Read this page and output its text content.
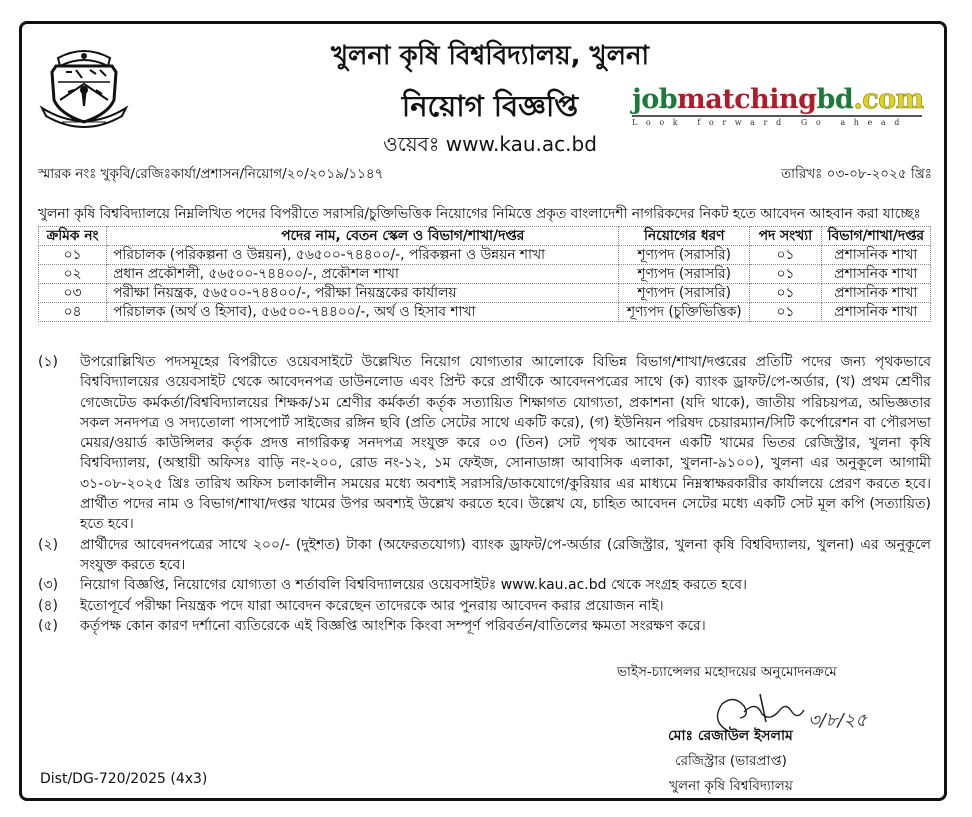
খুলনা কৃষি বিশ্ববিদ্যালয়, খুলনা
নিয়োগ বিজ্ঞপ্তি
ওয়েবঃ www.kau.ac.bd
jobmatchingbd.com
Look forward Go ahead
স্মারক নংঃ খুকৃবি/রেজিঃকার্যা/প্রশাসন/নিয়োগ/২০/২০১৯/১১৪৭	তারিখঃ ০৩-০৮-২০২৫ খ্রিঃ
খুলনা কৃষি বিশ্ববিদ্যালয়ে নিম্নলিখিত পদের বিপরীতে সরাসরি/চুক্তিভিত্তিক নিয়োগের নিমিত্তে প্রকৃত বাংলাদেশী নাগরিকদের নিকট হতে আবেদন আহবান করা যাচ্ছেঃ
ক্রমিক নং	পদের নাম, বেতন স্কেল ও বিভাগ/শাখা/দপ্তর	নিয়োগের ধরণ	পদ সংখ্যা	বিভাগ/শাখা/দপ্তর
০১	পরিচালক (পরিকল্পনা ও উন্নয়ন), ৫৬৫০০-৭৪৪০০/-, পরিকল্পনা ও উন্নয়ন শাখা	শূণ্যপদ (সরাসরি)	০১	প্রশাসনিক শাখা
০২	প্রধান প্রকৌশলী, ৫৬৫০০-৭৪৪০০/-, প্রকৌশল শাখা	শূণ্যপদ (সরাসরি)	০১	প্রশাসনিক শাখা
০৩	পরীক্ষা নিয়ন্ত্রক, ৫৬৫০০-৭৪৪০০/-, পরীক্ষা নিয়ন্ত্রকের কার্যালয়	শূণ্যপদ (সরাসরি)	০১	প্রশাসনিক শাখা
০৪	পরিচালক (অর্থ ও হিসাব), ৫৬৫০০-৭৪৪০০/-, অর্থ ও হিসাব শাখা	শূণ্যপদ (চুক্তিভিত্তিক)	০১	প্রশাসনিক শাখা
(১)	উপরোল্লিখিত পদসমূহের বিপরীতে ওয়েবসাইটে উল্লেখিত নিয়োগ যোগ্যতার আলোকে বিভিন্ন বিভাগ/শাখা/দপ্তরের প্রতিটি পদের জন্য পৃথকভাবে বিশ্ববিদ্যালয়ের ওয়েবসাইট থেকে আবেদনপত্র ডাউনলোড এবং প্রিন্ট করে প্রার্থীকে আবেদনপত্রের সাথে (ক) ব্যাংক ড্রাফট/পে-অর্ডার, (খ) প্রথম শ্রেণীর গেজেটেড কর্মকর্তা/বিশ্ববিদ্যালয়ের শিক্ষক/১ম শ্রেণীর কর্মকর্তা কর্তৃক সত্যায়িত শিক্ষাগত যোগ্যতা, প্রকাশনা (যদি থাকে), জাতীয় পরিচয়পত্র, অভিজ্ঞতার সকল সনদপত্র ও সদ্যতোলা পাসপোর্ট সাইজের রঙ্গিন ছবি (প্রতি সেটের সাথে একটি করে), (গ) ইউনিয়ন পরিষদ চেয়ারম্যান/সিটি কর্পোরেশন বা পৌরসভা মেয়র/ওয়ার্ড কাউন্সিলর কর্তৃক প্রদত্ত নাগরিকত্ব সনদপত্র সংযুক্ত করে ০৩ (তিন) সেট পৃথক আবেদন একটি খামের ভিতর রেজিস্ট্রার, খুলনা কৃষি বিশ্ববিদ্যালয়, (অস্থায়ী অফিসঃ বাড়ি নং-২০০, রোড নং-১২, ১ম ফেইজ, সোনাডাঙ্গা আবাসিক এলাকা, খুলনা-৯১০০), খুলনা এর অনুকূলে আগামী ৩১-০৮-২০২৫ খ্রিঃ তারিখ অফিস চলাকালীন সময়ের মধ্যে অবশ্যই সরাসরি/ডাকযোগে/কুরিয়ার এর মাধ্যমে নিম্নস্বাক্ষরকারীর কার্যালয়ে প্রেরণ করতে হবে। প্রার্থীত পদের নাম ও বিভাগ/শাখা/দপ্তর খামের উপর অবশ্যই উল্লেখ করতে হবে। উল্লেখ যে, চাহিত আবেদন সেটের মধ্যে একটি সেট মূল কপি (সত্যায়িত) হতে হবে।
(২)	প্রার্থীদের আবেদনপত্রের সাথে ২০০/- (দুইশত) টাকা (অফেরতযোগ্য) ব্যাংক ড্রাফট/পে-অর্ডার (রেজিস্ট্রার, খুলনা কৃষি বিশ্ববিদ্যালয়, খুলনা) এর অনুকূলে সংযুক্ত করতে হবে।
(৩)	নিয়োগ বিজ্ঞপ্তি, নিয়োগের যোগ্যতা ও শর্তাবলি বিশ্ববিদ্যালয়ের ওয়েবসাইটঃ www.kau.ac.bd থেকে সংগ্রহ করতে হবে।
(৪)	ইতোপূর্বে পরীক্ষা নিয়ন্ত্রক পদে যারা আবেদন করেছেন তাদেরকে আর পুনরায় আবেদন করার প্রয়োজন নাই।
(৫)	কর্তৃপক্ষ কোন কারণ দর্শানো ব্যতিরেকে এই বিজ্ঞপ্তি আংশিক কিংবা সম্পূর্ণ পরিবর্তন/বাতিলের ক্ষমতা সংরক্ষণ করে।
ভাইস-চ্যান্সেলর মহোদয়ের অনুমোদনক্রমে
৩/৮/২৫
মোঃ রেজাউল ইসলাম
রেজিস্ট্রার (ভারপ্রাপ্ত)
খুলনা কৃষি বিশ্ববিদ্যালয়
Dist/DG-720/2025 (4x3)
